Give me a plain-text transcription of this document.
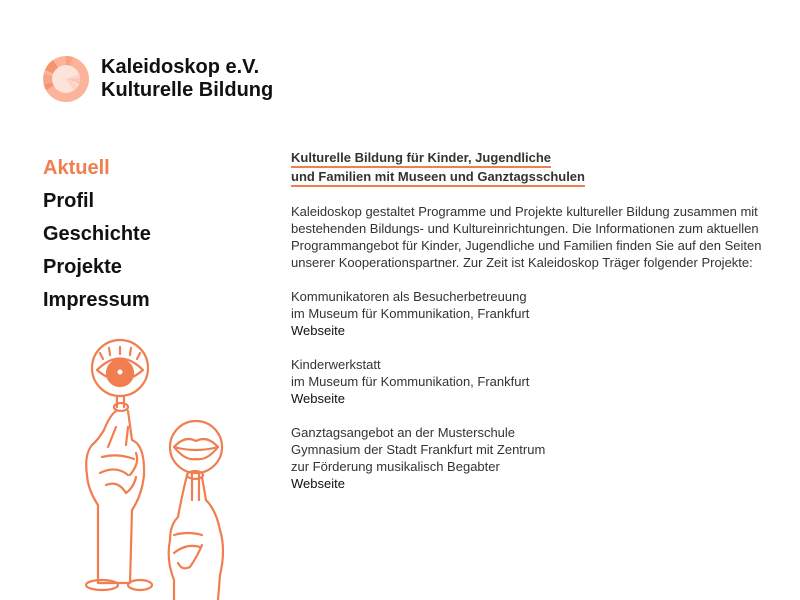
Kaleidoskop e.V.
Kulturelle Bildung
Aktuell
Profil
Geschichte
Projekte
Impressum
Kulturelle Bildung für Kinder, Jugendliche
und Familien mit Museen und Ganztagsschulen

Kaleidoskop gestaltet Programme und Projekte kultureller Bildung zusammen mit bestehenden Bildungs- und Kultureinrichtungen. Die Informationen zum aktuellen Programmangebot für Kinder, Jugendliche und Familien finden Sie auf den Seiten unserer Kooperationspartner. Zur Zeit ist Kaleidoskop Träger folgender Projekte:

Kommunikatoren als Besucherbetreuung
im Museum für Kommunikation, Frankfurt
Webseite
Kinderwerkstatt
im Museum für Kommunikation, Frankfurt
Webseite
Ganztagsangebot an der Musterschule
Gymnasium der Stadt Frankfurt mit Zentrum
zur Förderung musikalisch Begabter
Webseite
